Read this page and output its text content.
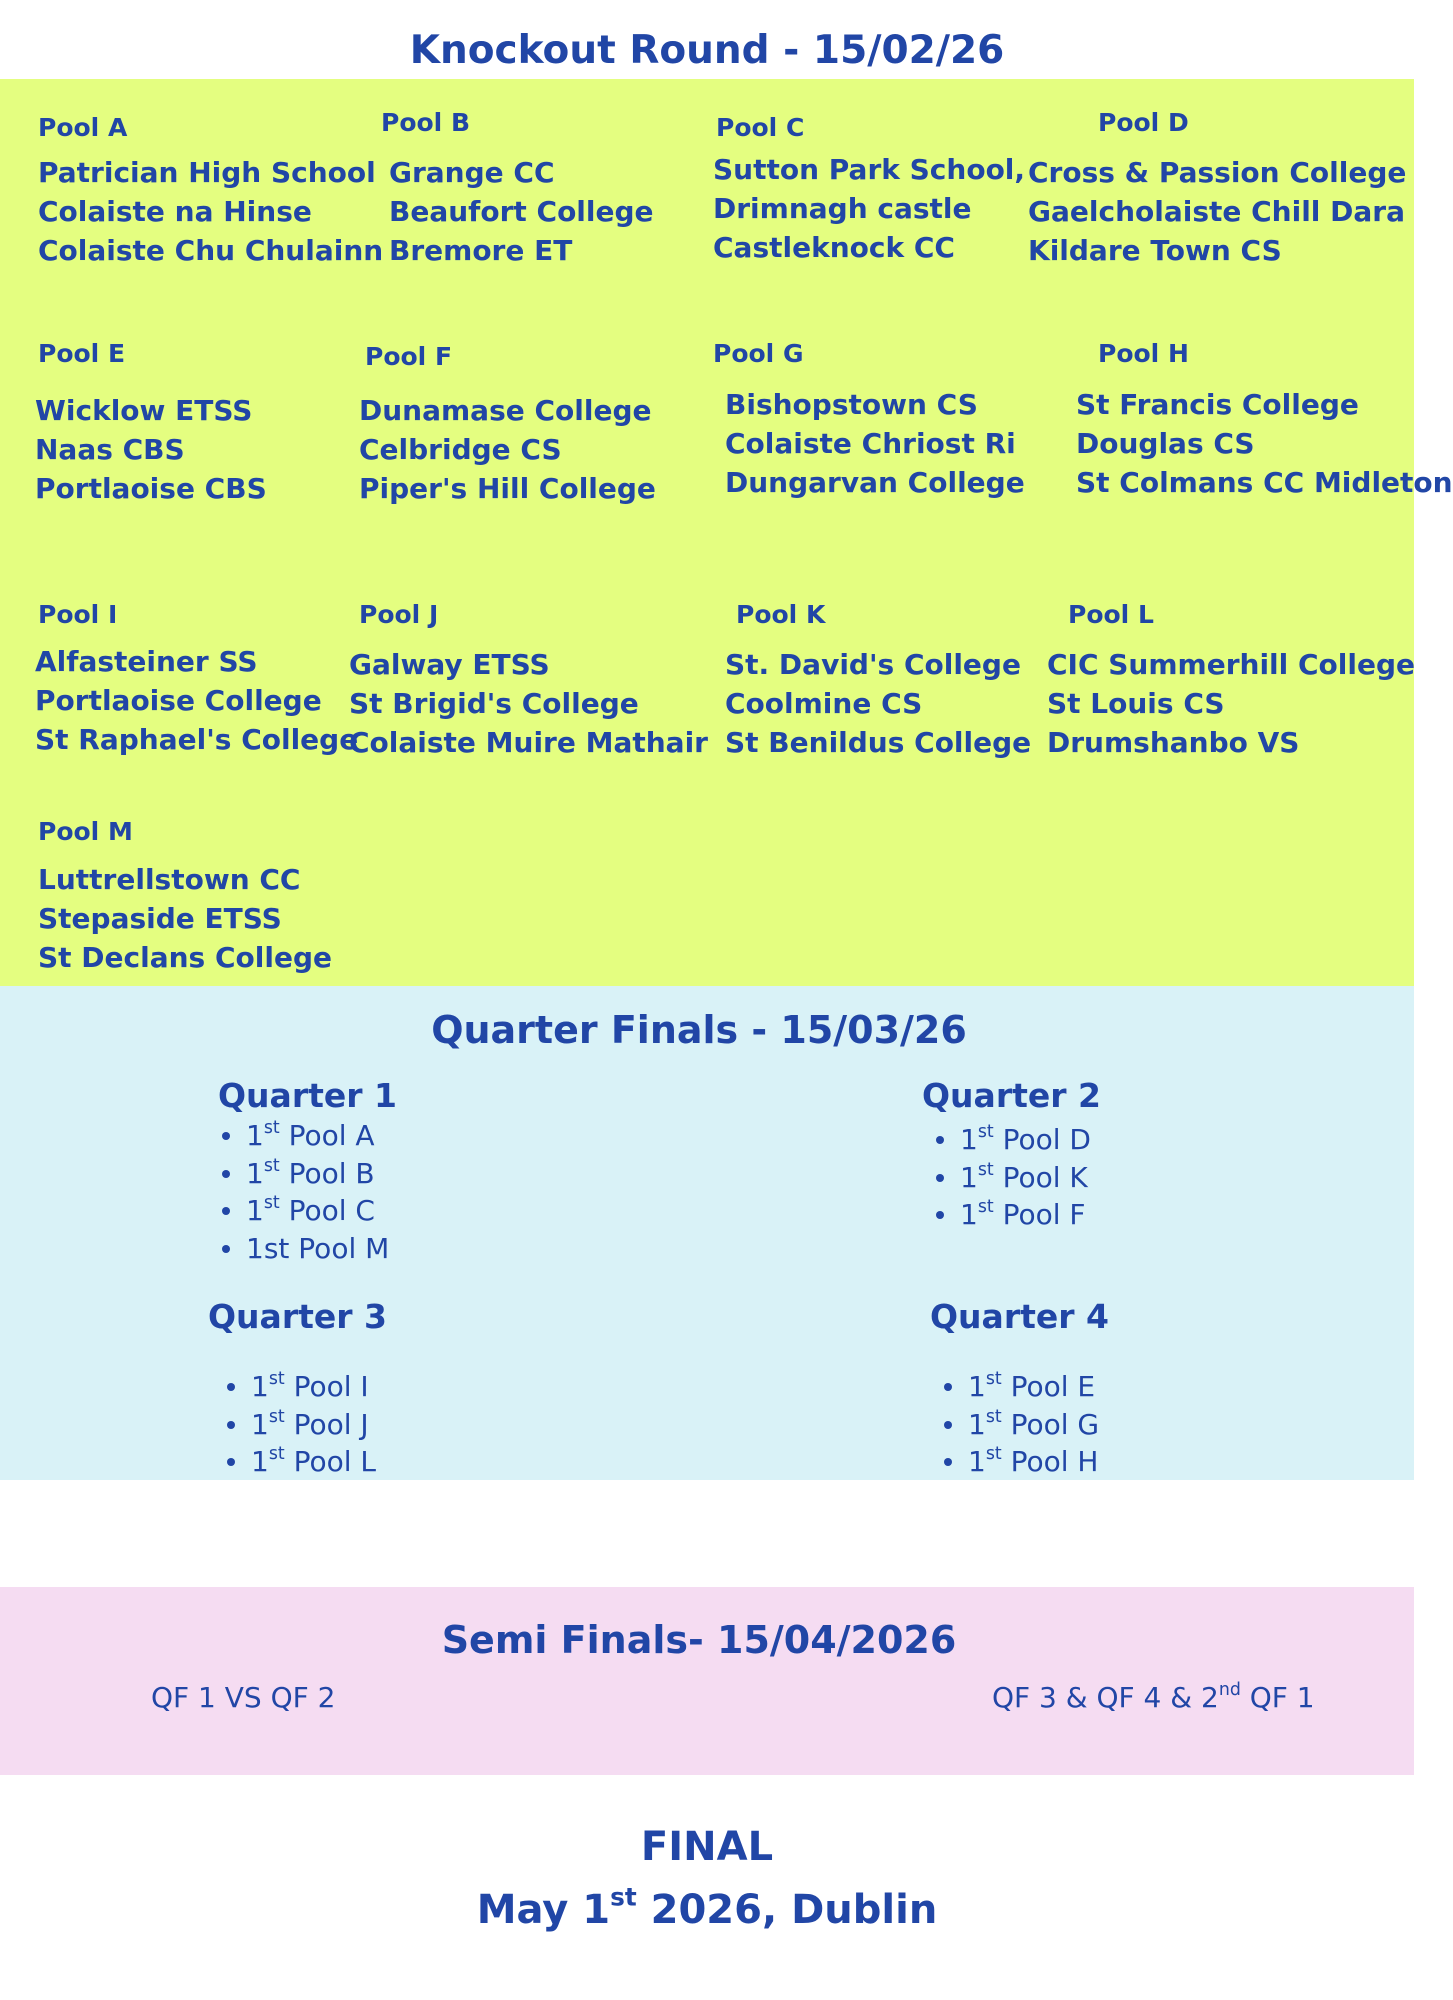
Knockout Round - 15/02/26
Pool A
Patrician High School
Colaiste na Hinse
Colaiste Chu Chulainn
Pool B
Grange CC
Beaufort College
Bremore ET
Pool C
Sutton Park School,
Drimnagh castle
Castleknock CC
Pool D
Cross & Passion College
Gaelcholaiste Chill Dara
Kildare Town CS
Pool E
Wicklow ETSS
Naas CBS
Portlaoise CBS
Pool F
Dunamase College
Celbridge CS
Piper's Hill College
Pool G
Bishopstown CS
Colaiste Chriost Ri
Dungarvan College
Pool H
St Francis College
Douglas CS
St Colmans CC Midleton
Pool I
Alfasteiner SS
Portlaoise College
St Raphael's College
Pool J
Galway ETSS
St Brigid's College
Colaiste Muire Mathair
Pool K
St. David's College
Coolmine CS
St Benildus College
Pool L
CIC Summerhill College
St Louis CS
Drumshanbo VS
Pool M
Luttrellstown CC
Stepaside ETSS
St Declans College
Quarter Finals - 15/03/26
Quarter 1
1st Pool A
1st Pool B
1st Pool C
1st Pool M
Quarter 2
1st Pool D
1st Pool K
1st Pool F
Quarter 3
1st Pool I
1st Pool J
1st Pool L
Quarter 4
1st Pool E
1st Pool G
1st Pool H
Semi Finals- 15/04/2026
QF 1 VS QF 2	QF 3 & QF 4 & 2nd QF 1
FINAL
May 1st 2026, Dublin
